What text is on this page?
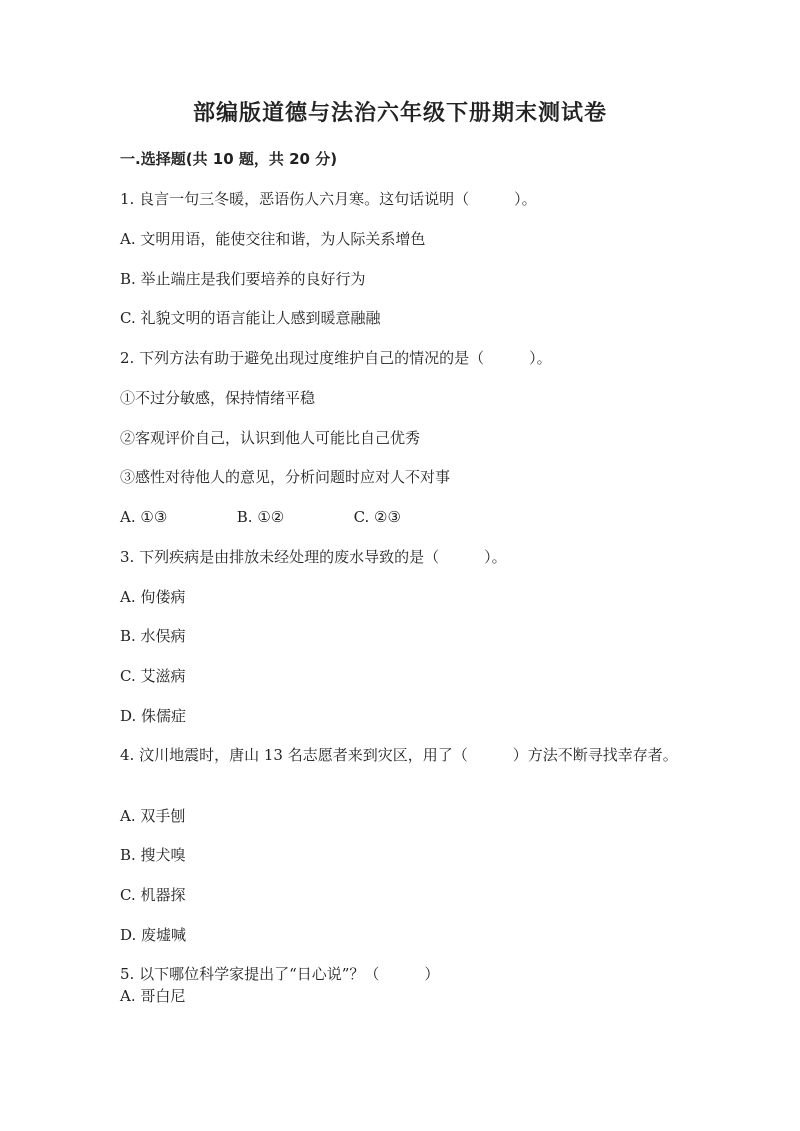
部编版道德与法治六年级下册期末测试卷
一.选择题(共 10 题，共 20 分)
1. 良言一句三冬暖，恶语伤人六月寒。这句话说明（　　　）。
A. 文明用语，能使交往和谐，为人际关系增色
B. 举止端庄是我们要培养的良好行为
C. 礼貌文明的语言能让人感到暖意融融
2. 下列方法有助于避免出现过度维护自己的情况的是（　　　）。
①不过分敏感，保持情绪平稳
②客观评价自己，认识到他人可能比自己优秀
③感性对待他人的意见，分析问题时应对人不对事
A. ①③	B. ①②	C. ②③
3. 下列疾病是由排放未经处理的废水导致的是（　　　）。
A. 佝偻病
B. 水俣病
C. 艾滋病
D. 侏儒症
4. 汶川地震时，唐山 13 名志愿者来到灾区，用了（　　　）方法不断寻找幸存者。
A. 双手刨
B. 搜犬嗅
C. 机器探
D. 废墟喊
5. 以下哪位科学家提出了“日心说”？（　　　）
A. 哥白尼
